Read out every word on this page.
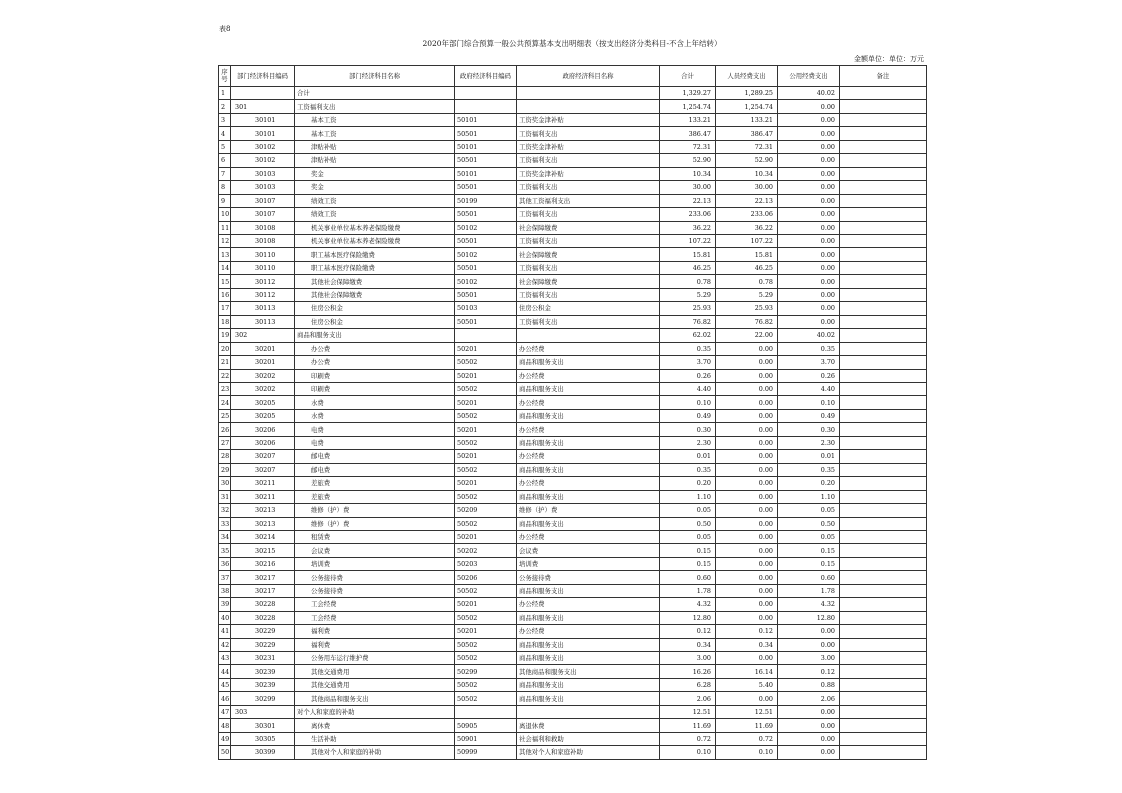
表8
2020年部门综合预算一般公共预算基本支出明细表（按支出经济分类科目-不含上年结转）
金额单位：单位：万元
序号	部门经济科目编码	部门经济科目名称	政府经济科目编码	政府经济科目名称	合计	人员经费支出	公用经费支出	备注
1		合计			1,329.27	1,289.25	40.02	
2	301	工资福利支出			1,254.74	1,254.74	0.00	
3	30101	基本工资	50101	工资奖金津补贴	133.21	133.21	0.00	
4	30101	基本工资	50501	工资福利支出	386.47	386.47	0.00	
5	30102	津贴补贴	50101	工资奖金津补贴	72.31	72.31	0.00	
6	30102	津贴补贴	50501	工资福利支出	52.90	52.90	0.00	
7	30103	奖金	50101	工资奖金津补贴	10.34	10.34	0.00	
8	30103	奖金	50501	工资福利支出	30.00	30.00	0.00	
9	30107	绩效工资	50199	其他工资福利支出	22.13	22.13	0.00	
10	30107	绩效工资	50501	工资福利支出	233.06	233.06	0.00	
11	30108	机关事业单位基本养老保险缴费	50102	社会保障缴费	36.22	36.22	0.00	
12	30108	机关事业单位基本养老保险缴费	50501	工资福利支出	107.22	107.22	0.00	
13	30110	职工基本医疗保险缴费	50102	社会保障缴费	15.81	15.81	0.00	
14	30110	职工基本医疗保险缴费	50501	工资福利支出	46.25	46.25	0.00	
15	30112	其他社会保障缴费	50102	社会保障缴费	0.78	0.78	0.00	
16	30112	其他社会保障缴费	50501	工资福利支出	5.29	5.29	0.00	
17	30113	住房公积金	50103	住房公积金	25.93	25.93	0.00	
18	30113	住房公积金	50501	工资福利支出	76.82	76.82	0.00	
19	302	商品和服务支出			62.02	22.00	40.02	
20	30201	办公费	50201	办公经费	0.35	0.00	0.35	
21	30201	办公费	50502	商品和服务支出	3.70	0.00	3.70	
22	30202	印刷费	50201	办公经费	0.26	0.00	0.26	
23	30202	印刷费	50502	商品和服务支出	4.40	0.00	4.40	
24	30205	水费	50201	办公经费	0.10	0.00	0.10	
25	30205	水费	50502	商品和服务支出	0.49	0.00	0.49	
26	30206	电费	50201	办公经费	0.30	0.00	0.30	
27	30206	电费	50502	商品和服务支出	2.30	0.00	2.30	
28	30207	邮电费	50201	办公经费	0.01	0.00	0.01	
29	30207	邮电费	50502	商品和服务支出	0.35	0.00	0.35	
30	30211	差旅费	50201	办公经费	0.20	0.00	0.20	
31	30211	差旅费	50502	商品和服务支出	1.10	0.00	1.10	
32	30213	维修（护）费	50209	维修（护）费	0.05	0.00	0.05	
33	30213	维修（护）费	50502	商品和服务支出	0.50	0.00	0.50	
34	30214	租赁费	50201	办公经费	0.05	0.00	0.05	
35	30215	会议费	50202	会议费	0.15	0.00	0.15	
36	30216	培训费	50203	培训费	0.15	0.00	0.15	
37	30217	公务接待费	50206	公务接待费	0.60	0.00	0.60	
38	30217	公务接待费	50502	商品和服务支出	1.78	0.00	1.78	
39	30228	工会经费	50201	办公经费	4.32	0.00	4.32	
40	30228	工会经费	50502	商品和服务支出	12.80	0.00	12.80	
41	30229	福利费	50201	办公经费	0.12	0.12	0.00	
42	30229	福利费	50502	商品和服务支出	0.34	0.34	0.00	
43	30231	公务用车运行维护费	50502	商品和服务支出	3.00	0.00	3.00	
44	30239	其他交通费用	50299	其他商品和服务支出	16.26	16.14	0.12	
45	30239	其他交通费用	50502	商品和服务支出	6.28	5.40	0.88	
46	30299	其他商品和服务支出	50502	商品和服务支出	2.06	0.00	2.06	
47	303	对个人和家庭的补助			12.51	12.51	0.00	
48	30301	离休费	50905	离退休费	11.69	11.69	0.00	
49	30305	生活补助	50901	社会福利和救助	0.72	0.72	0.00	
50	30399	其他对个人和家庭的补助	50999	其他对个人和家庭补助	0.10	0.10	0.00	
